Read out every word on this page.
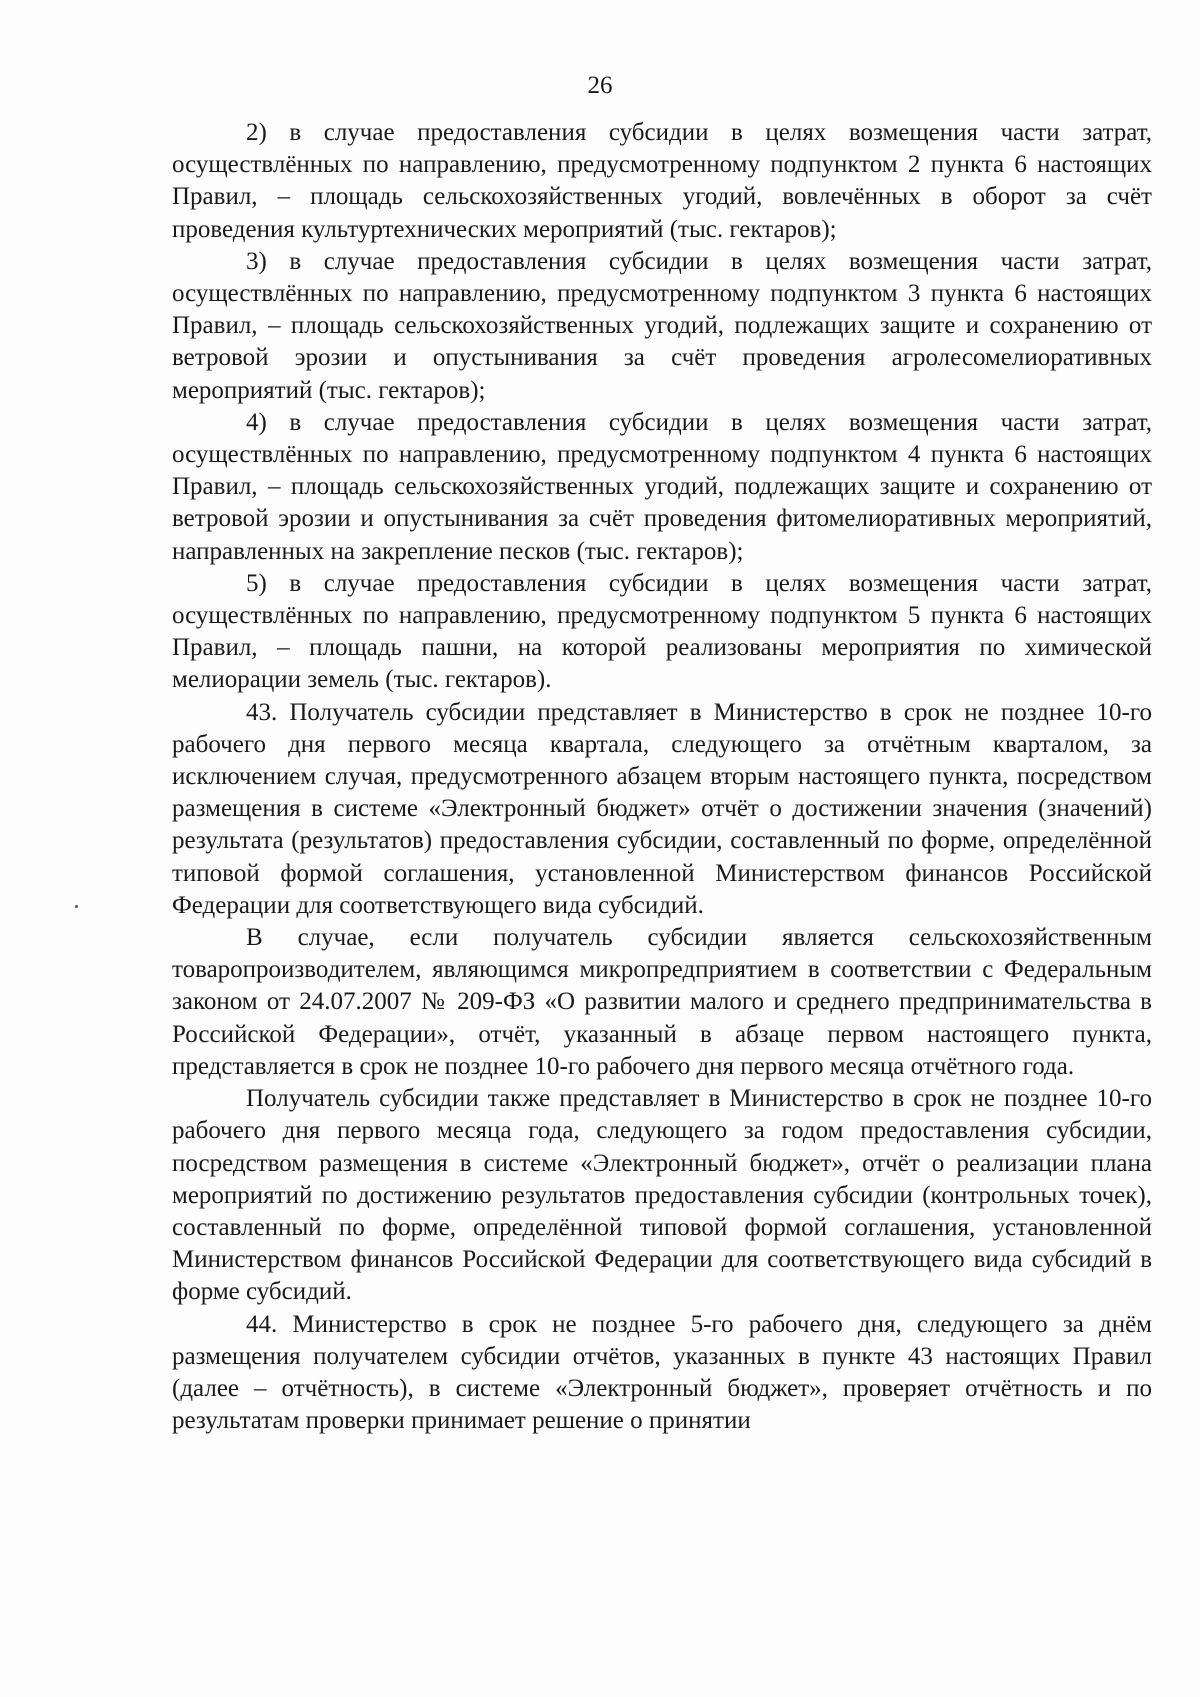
26

2) в случае предоставления субсидии в целях возмещения части затрат, осуществлённых по направлению, предусмотренному подпунктом 2 пункта 6 настоящих Правил, – площадь сельскохозяйственных угодий, вовлечённых в оборот за счёт проведения культуртехнических мероприятий (тыс. гектаров);

3) в случае предоставления субсидии в целях возмещения части затрат, осуществлённых по направлению, предусмотренному подпунктом 3 пункта 6 настоящих Правил, – площадь сельскохозяйственных угодий, подлежащих защите и сохранению от ветровой эрозии и опустынивания за счёт проведения агролесомелиоративных мероприятий (тыс. гектаров);

4) в случае предоставления субсидии в целях возмещения части затрат, осуществлённых по направлению, предусмотренному подпунктом 4 пункта 6 настоящих Правил, – площадь сельскохозяйственных угодий, подлежащих защите и сохранению от ветровой эрозии и опустынивания за счёт проведения фитомелиоративных мероприятий, направленных на закрепление песков (тыс. гектаров);

5) в случае предоставления субсидии в целях возмещения части затрат, осуществлённых по направлению, предусмотренному подпунктом 5 пункта 6 настоящих Правил, – площадь пашни, на которой реализованы мероприятия по химической мелиорации земель (тыс. гектаров).

43. Получатель субсидии представляет в Министерство в срок не позднее 10-го рабочего дня первого месяца квартала, следующего за отчётным кварталом, за исключением случая, предусмотренного абзацем вторым настоящего пункта, посредством размещения в системе «Электронный бюджет» отчёт о достижении значения (значений) результата (результатов) предоставления субсидии, составленный по форме, определённой типовой формой соглашения, установленной Министерством финансов Российской Федерации для соответствующего вида субсидий.

В случае, если получатель субсидии является сельскохозяйственным товаропроизводителем, являющимся микропредприятием в соответствии с Федеральным законом от 24.07.2007 № 209-ФЗ «О развитии малого и среднего предпринимательства в Российской Федерации», отчёт, указанный в абзаце первом настоящего пункта, представляется в срок не позднее 10-го рабочего дня первого месяца отчётного года.

Получатель субсидии также представляет в Министерство в срок не позднее 10-го рабочего дня первого месяца года, следующего за годом предоставления субсидии, посредством размещения в системе «Электронный бюджет», отчёт о реализации плана мероприятий по достижению результатов предоставления субсидии (контрольных точек), составленный по форме, определённой типовой формой соглашения, установленной Министерством финансов Российской Федерации для соответствующего вида субсидий в форме субсидий.

44. Министерство в срок не позднее 5-го рабочего дня, следующего за днём размещения получателем субсидии отчётов, указанных в пункте 43 настоящих Правил (далее – отчётность), в системе «Электронный бюджет», проверяет отчётность и по результатам проверки принимает решение о принятии
